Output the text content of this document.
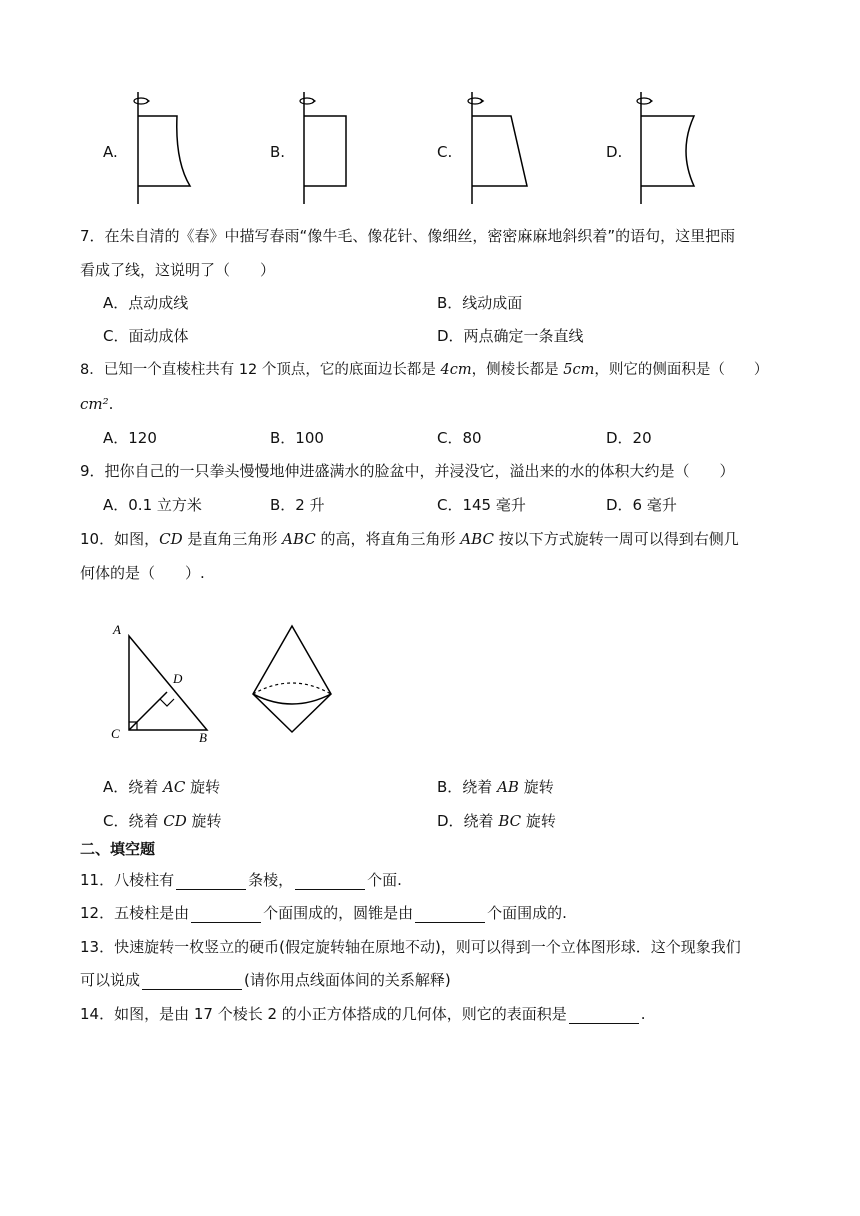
A.	B.	C.	D.
7．在朱自清的《春》中描写春雨“像牛毛、像花针、像细丝，密密麻麻地斜织着”的语句，这里把雨
看成了线，这说明了（　　）
A．点动成线	B．线动成面
C．面动成体	D．两点确定一条直线
8．已知一个直棱柱共有 12 个顶点，它的底面边长都是 4cm，侧棱长都是 5cm，则它的侧面积是（　　）
cm².
A．120	B．100	C．80	D．20
9．把你自己的一只拳头慢慢地伸进盛满水的脸盆中，并浸没它，溢出来的水的体积大约是（　　）
A．0.1 立方米	B．2 升	C．145 毫升	D．6 毫升
10．如图，CD 是直角三角形 ABC 的高，将直角三角形 ABC 按以下方式旋转一周可以得到右侧几
何体的是（　　）.
A
D
C	B
A．绕着 AC 旋转	B．绕着 AB 旋转
C．绕着 CD 旋转	D．绕着 BC 旋转
二、填空题
11．八棱柱有	条棱，	个面.
12．五棱柱是由	个面围成的，圆锥是由	个面围成的.
13．快速旋转一枚竖立的硬币(假定旋转轴在原地不动)，则可以得到一个立体图形球．这个现象我们
可以说成	(请你用点线面体间的关系解释)
14．如图，是由 17 个棱长 2 的小正方体搭成的几何体，则它的表面积是	.
